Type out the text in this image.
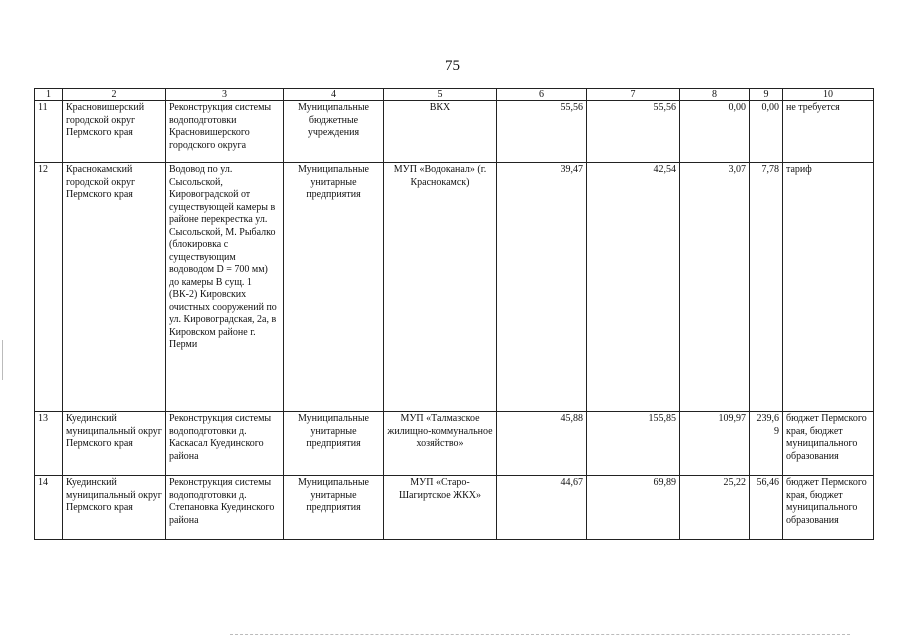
75
1	2	3	4	5	6	7	8	9	10
11	Красновишерский городской округ Пермского края	Реконструкция системы водоподготовки Красновишерского городского округа	Муниципальные бюджетные учреждения	ВКХ	55,56	55,56	0,00	0,00	не требуется
12	Краснокамский городской округ Пермского края	Водовод по ул. Сысольской, Кировоградской от существующей камеры в районе перекрестка ул. Сысольской, М. Рыбалко (блокировка с существующим водоводом D = 700 мм) до камеры В сущ. 1 (ВК-2) Кировских очистных сооружений по ул. Кировоградская, 2а, в Кировском районе г. Перми	Муниципальные унитарные предприятия	МУП «Водоканал» (г. Краснокамск)	39,47	42,54	3,07	7,78	тариф
13	Куединский муниципальный округ Пермского края	Реконструкция системы водоподготовки д. Каскасал Куединского района	Муниципальные унитарные предприятия	МУП «Талмазское жилищно-коммунальное хозяйство»	45,88	155,85	109,97	239,69	бюджет Пермского края, бюджет муниципального образования
14	Куединский муниципальный округ Пермского края	Реконструкция системы водоподготовки д. Степановка Куединского района	Муниципальные унитарные предприятия	МУП «Старо-Шагиртское ЖКХ»	44,67	69,89	25,22	56,46	бюджет Пермского края, бюджет муниципального образования
